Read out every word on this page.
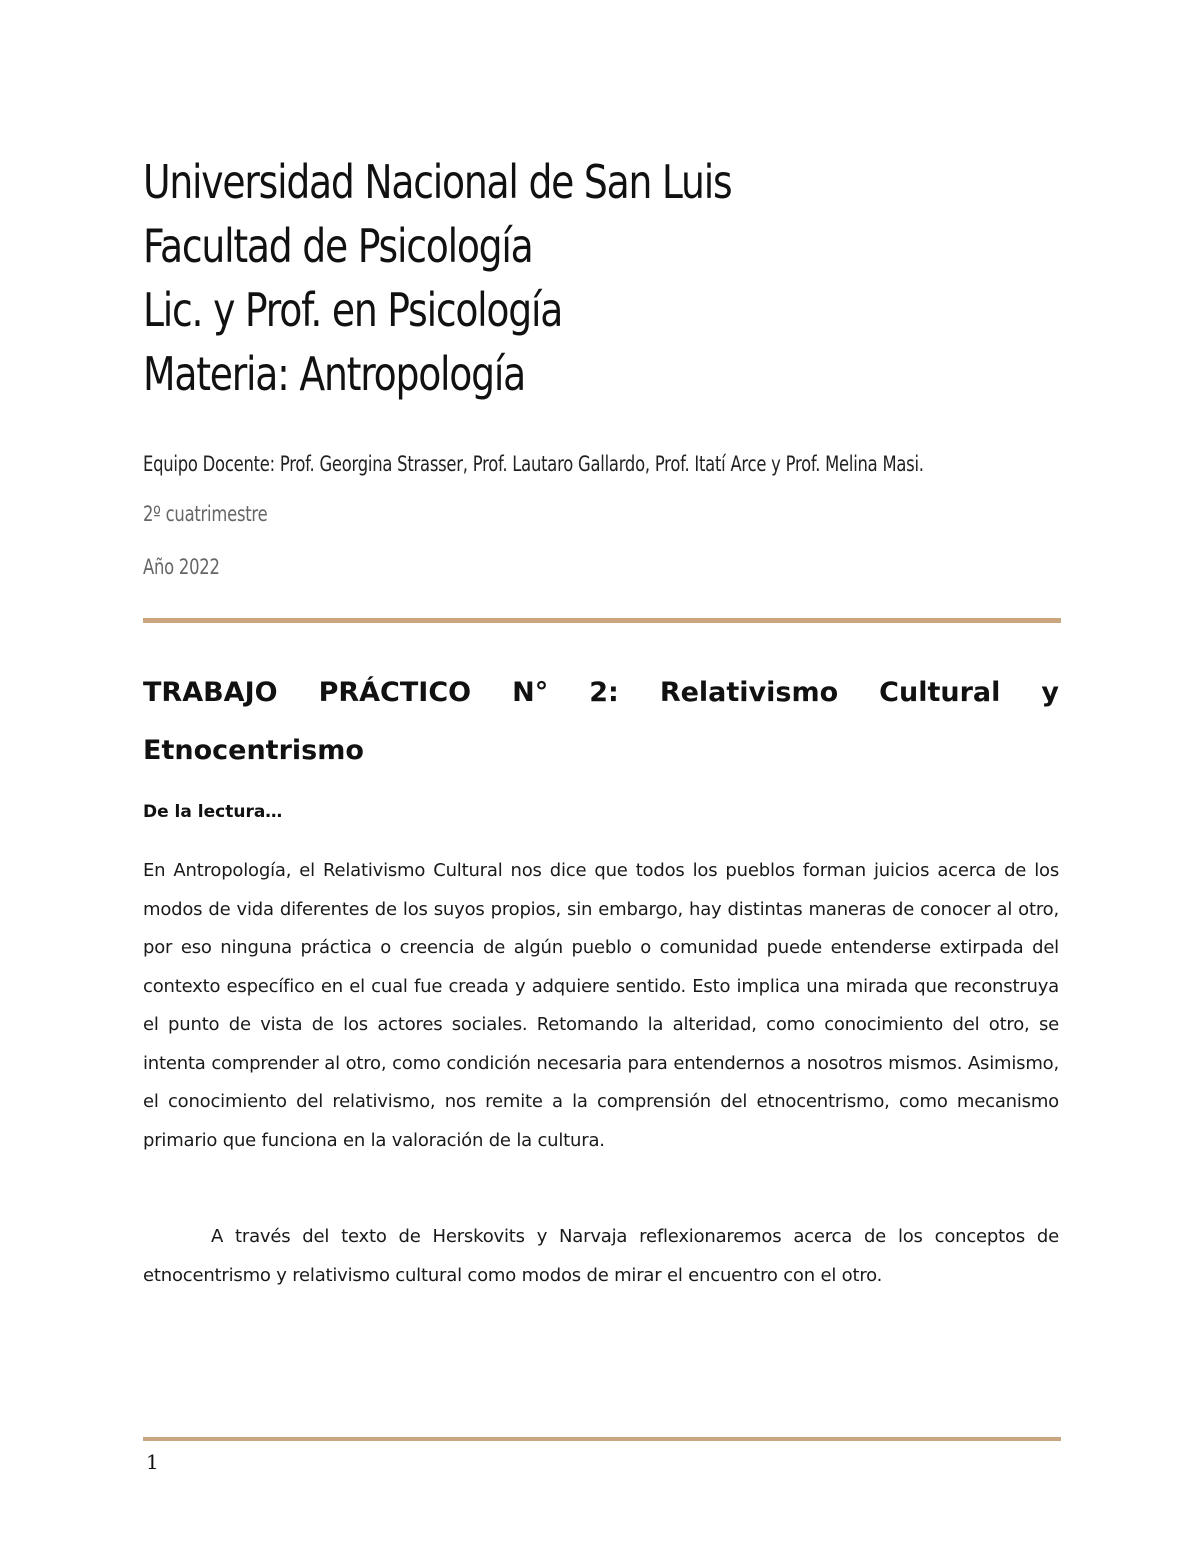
Universidad Nacional de San Luis
Facultad de Psicología
Lic. y Prof. en Psicología
Materia: Antropología
Equipo Docente: Prof. Georgina Strasser, Prof. Lautaro Gallardo, Prof. Itatí Arce y Prof. Melina Masi.
2º cuatrimestre
Año 2022
TRABAJO PRÁCTICO N° 2: Relativismo Cultural y
Etnocentrismo
De la lectura…

En Antropología, el Relativismo Cultural nos dice que todos los pueblos forman juicios acerca de los modos de vida diferentes de los suyos propios, sin embargo, hay distintas maneras de conocer al otro, por eso ninguna práctica o creencia de algún pueblo o comunidad puede entenderse extirpada del contexto específico en el cual fue creada y adquiere sentido. Esto implica una mirada que reconstruya el punto de vista de los actores sociales. Retomando la alteridad, como conocimiento del otro, se intenta comprender al otro, como condición necesaria para entendernos a nosotros mismos. Asimismo, el conocimiento del relativismo, nos remite a la comprensión del etnocentrismo, como mecanismo primario que funciona en la valoración de la cultura.

A través del texto de Herskovits y Narvaja reflexionaremos acerca de los conceptos de etnocentrismo y relativismo cultural como modos de mirar el encuentro con el otro.

1
